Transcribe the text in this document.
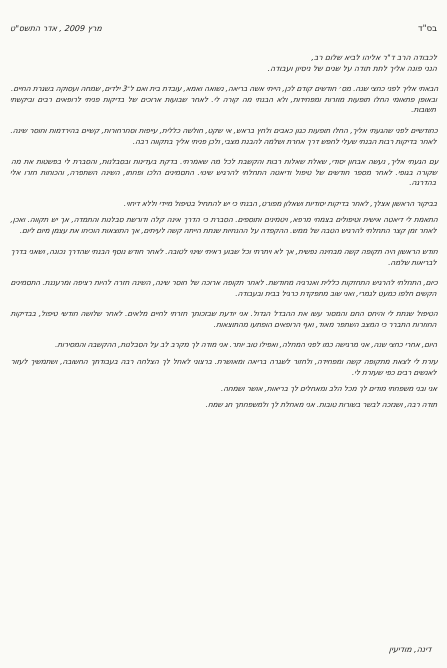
בס"ד
מרץ 2009 , אדר התשס"ט

לכבודה הרב ד"ר אליהו לביא שלום רב,

הנני פונה אליך לתת תודה על שנים של ניסיון ועבודה.

הבאתי אליך לפני כחצי שנה. מס׳ חודשים קודם לכן, הייתי אשה בריאה, נשואה ואמא, עובדת בית ואם ל־3 ילדים, שמחה ועסוקה בשגרת החיים. ובאופן פתאומי החלו תופעות מוזרות ומפחידות, ולא הבנתי מה קורה לי. לאחר שבועות ארוכים של בדיקות פניתי לרופאים רבים וביקשתי תשובות.

כחודשיים לפני שהגעתי אליך, החלו תופעות כגון כאבים ולחץ בראש, אי שקט, חולשה כללית, עייפות וסחרחורות, קשיים בהירדמות וחוסר שינה. לאחר בדיקות רבות הבנתי שעלי לחפש דרך אחרת ושלמה להבנת מצבי, ולכן פניתי אליך בתקווה רבה.

עם הגעתי אליך, נעשה אבחון יסודי, שאלת שאלות רבות והקשבת לכל מה שאמרתי. בדקת בעדינות ובסבלנות, והסברת לי בפשטות את מה שקורה בגופי. לאחר מספר חודשים של טיפול ודיאטה התחלתי להרגיש שינוי. התסמינים הלכו ופחתו, השינה השתפרה, והכוחות חזרו אלי בהדרגה.

בביקור הראשון אצלך, לאחר בדיקות יסודיות ושאלון מפורט, הבנתי כי יש להתחיל בטיפול מיידי וללא דיחוי.

התאמת לי דיאטה אישית וטיפולים בצמחי מרפא, ויטמינים ותוספים. הסברת כי הדרך אינה קלה ודורשת סבלנות והתמדה, אך יש תקווה. ואכן, לאחר זמן קצר התחלתי להרגיש הטבה של ממש. ההקפדה על ההנחיות שנתת הייתה קשה לעיתים, אך התוצאות הוכיחו את עצמן מיום ליום.

חודש הראשון היה תקופה קשה מבחינה נפשית, אך לא ויתרתי וכל שבוע ראיתי שינוי לטובה. לאחר חודש נוסף הבנתי שהדרך נכונה, ושאני בדרך לבריאות שלמה.

כיום, התחלתי להרגיש התחזקות כללית ואנרגיה מחודשת. לאחר תקופה ארוכה של חוסר שינה, השינה חזרה להיות רציפה ומרעננת. התסמינים הקשים חלפו כמעט לגמרי, ואני שוב מתפקדת כרגיל בבית ובעבודה.

הטיפול שנתת לי והיחס החם והמסור עשו את ההבדל הגדול. אני יודעת שבזכותך חזרתי לחיים מלאים. לאחר שלושה חודשי טיפול, בבדיקות החוזרות התברר כי המצב השתפר מאוד, ואף הרופאים הופתעו מהתוצאות.

היום, אחרי כחצי שנה, אני מרגישה כמו לפני המחלה, ואפילו טוב יותר. אני מודה לך מקרב לב על הסבלנות, ההקשבה והמסירות.

עזרת לי לצאת מתקופה קשה ומפחידה, ולחזור לשגרה בריאה ומאושרת. ברצוני לאחל לך הצלחה רבה בעבודתך החשובה, ושתמשיך לעזור לאנשים רבים כפי שעזרת לי.

אני ובני משפחתי מודים לך מכל הלב ומאחלים לך בריאות, אושר ושמחה.

תודה רבה, ושנזכה לבשר בשורות טובות. אני מאחלת לך ולמשפחתך חג שמח.

דינה, מודיעין
